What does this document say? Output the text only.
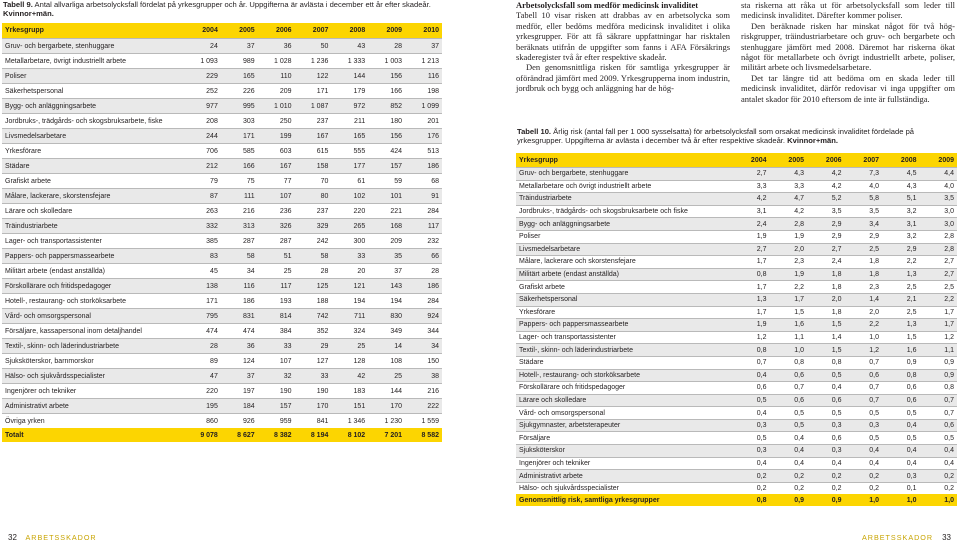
Tabell 9. Antal allvarliga arbetsolycksfall fördelat på yrkesgrupper och år. Uppgifterna är avlästa i december ett år efter skadeår. Kvinnor+män.
Yrkesgrupp	2004	2005	2006	2007	2008	2009	2010
Gruv- och bergarbete, stenhuggare	24	37	36	50	43	28	37
Metallarbetare, övrigt industriellt arbete	1 093	989	1 028	1 236	1 333	1 003	1 213
Poliser	229	165	110	122	144	156	116
Säkerhetspersonal	252	226	209	171	179	166	198
Bygg- och anläggningsarbete	977	995	1 010	1 087	972	852	1 099
Jordbruks-, trädgårds- och skogsbruksarbete, fiske	208	303	250	237	211	180	201
Livsmedelsarbetare	244	171	199	167	165	156	176
Yrkesförare	706	585	603	615	555	424	513
Städare	212	166	167	158	177	157	186
Grafiskt arbete	79	75	77	70	61	59	68
Målare, lackerare, skorstensfejare	87	111	107	80	102	101	91
Lärare och skolledare	263	216	236	237	220	221	284
Träindustriarbete	332	313	326	329	265	168	117
Lager- och transportassistenter	385	287	287	242	300	209	232
Pappers- och pappersmassearbete	83	58	51	58	33	35	66
Militärt arbete (endast anställda)	45	34	25	28	20	37	28
Förskollärare och fritidspedagoger	138	116	117	125	121	143	186
Hotell-, restaurang- och storköksarbete	171	186	193	188	194	194	284
Vård- och omsorgspersonal	795	831	814	742	711	830	924
Försäljare, kassapersonal inom detaljhandel	474	474	384	352	324	349	344
Textil-, skinn- och läderindustriarbete	28	36	33	29	25	14	34
Sjuksköterskor, barnmorskor	89	124	107	127	128	108	150
Hälso- och sjukvårdsspecialister	47	37	32	33	42	25	38
Ingenjörer och tekniker	220	197	190	190	183	144	216
Administrativt arbete	195	184	157	170	151	170	222
Övriga yrken	860	926	959	841	1 346	1 230	1 559
Totalt	9 078	8 627	8 382	8 194	8 102	7 201	8 582

Arbetsolycksfall som medför medicinsk invaliditet

Tabell 10 visar risken att drabbas av en arbetsolycka som medför, eller bedöms medföra medicinsk invaliditet i olika yrkesgrupper. För att få säkrare uppfattningar har risktalen beräknats utifrån de uppgifter som fanns i AFA Försäkrings skaderegister två år efter respektive skadeår.

Den genomsnittliga risken för samtliga yrkesgrupper är oförändrad jämfört med 2009. Yrkesgrupperna inom industrin, jordbruk och bygg och anläggning har de hög-

sta riskerna att råka ut för arbetsolycksfall som leder till medicinsk invaliditet. Därefter kommer poliser.

Den beräknade risken har minskat något för två hög-riskgrupper, träindustriarbetare och gruv- och bergarbete och stenhuggare jämfört med 2008. Däremot har riskerna ökat något för metallarbete och övrigt industriellt arbete, poliser, militärt arbete och livsmedelsarbetare.

Det tar längre tid att bedöma om en skada leder till medicinsk invaliditet, därför redovisar vi inga uppgifter om antalet skador för 2010 eftersom de inte är fullständiga.

Tabell 10. Årlig risk (antal fall per 1 000 sysselsatta) för arbetsolycksfall som orsakat medicinsk invaliditet fördelade på yrkesgrupper. Uppgifterna är avlästa i december två år efter respektive skadeår. Kvinnor+män.
Yrkesgrupp	2004	2005	2006	2007	2008	2009
Gruv- och bergarbete, stenhuggare	2,7	4,3	4,2	7,3	4,5	4,4
Metallarbetare och övrigt industriellt arbete	3,3	3,3	4,2	4,0	4,3	4,0
Träindustriarbete	4,2	4,7	5,2	5,8	5,1	3,5
Jordbruks-, trädgårds- och skogsbruksarbete och fiske	3,1	4,2	3,5	3,5	3,2	3,0
Bygg- och anläggningsarbete	2,4	2,8	2,9	3,4	3,1	3,0
Poliser	1,9	1,9	2,9	2,9	3,2	2,8
Livsmedelsarbetare	2,7	2,0	2,7	2,5	2,9	2,8
Målare, lackerare och skorstensfejare	1,7	2,3	2,4	1,8	2,2	2,7
Militärt arbete (endast anställda)	0,8	1,9	1,8	1,8	1,3	2,7
Grafiskt arbete	1,7	2,2	1,8	2,3	2,5	2,5
Säkerhetspersonal	1,3	1,7	2,0	1,4	2,1	2,2
Yrkesförare	1,7	1,5	1,8	2,0	2,5	1,7
Pappers- och pappersmassearbete	1,9	1,6	1,5	2,2	1,3	1,7
Lager- och transportassistenter	1,2	1,1	1,4	1,0	1,5	1,2
Textil-, skinn- och läderindustriarbete	0,8	1,0	1,5	1,2	1,6	1,1
Städare	0,7	0,8	0,8	0,7	0,9	0,9
Hotell-, restaurang- och storköksarbete	0,4	0,6	0,5	0,6	0,8	0,9
Förskollärare och fritidspedagoger	0,6	0,7	0,4	0,7	0,6	0,8
Lärare och skolledare	0,5	0,6	0,6	0,7	0,6	0,7
Vård- och omsorgspersonal	0,4	0,5	0,5	0,5	0,5	0,7
Sjukgymnaster, arbetsterapeuter	0,3	0,5	0,3	0,3	0,4	0,6
Försäljare	0,5	0,4	0,6	0,5	0,5	0,5
Sjuksköterskor	0,3	0,4	0,3	0,4	0,4	0,4
Ingenjörer och tekniker	0,4	0,4	0,4	0,4	0,4	0,4
Administrativt arbete	0,2	0,2	0,2	0,2	0,3	0,2
Hälso- och sjukvårdsspecialister	0,2	0,2	0,2	0,2	0,1	0,2
Genomsnittlig risk, samtliga yrkesgrupper	0,8	0,9	0,9	1,0	1,0	1,0
32 ARBETSSKADOR	ARBETSSKADOR 33
